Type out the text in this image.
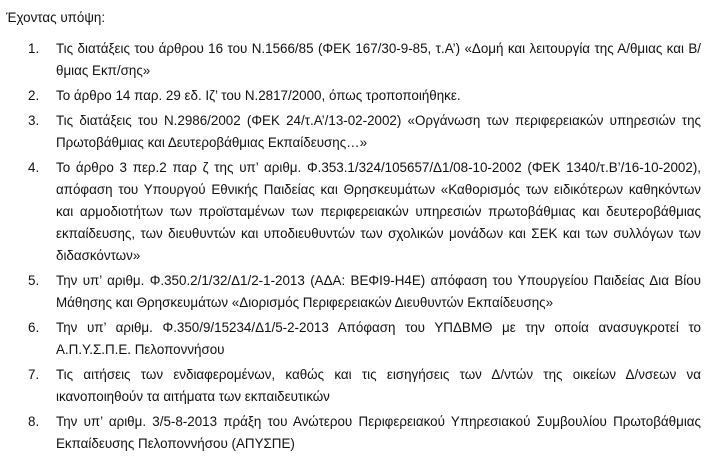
Έχοντας υπόψη:

1. Τις διατάξεις του άρθρου 16 του Ν.1566/85 (ΦΕΚ 167/30-9-85, τ.Α’) «Δομή και λειτουργία της Α/θμιας και Β/θμιας Εκπ/σης»
2. Το άρθρο 14 παρ. 29 εδ. Ιζ’ του Ν.2817/2000, όπως τροποποιήθηκε.
3. Τις διατάξεις του Ν.2986/2002 (ΦΕΚ 24/τ.Α’/13-02-2002) «Οργάνωση των περιφερειακών υπηρεσιών της Πρωτοβάθμιας και Δευτεροβάθμιας Εκπαίδευσης…»
4. Το άρθρο 3 περ.2 παρ ζ της υπ’ αριθμ. Φ.353.1/324/105657/Δ1/08-10-2002 (ΦΕΚ 1340/τ.Β’/16-10-2002), απόφαση του Υπουργού Εθνικής Παιδείας και Θρησκευμάτων «Καθορισμός των ειδικότερων καθηκόντων και αρμοδιοτήτων των προϊσταμένων των περιφερειακών υπηρεσιών πρωτοβάθμιας και δευτεροβάθμιας εκπαίδευσης, των διευθυντών και υποδιευθυντών των σχολικών μονάδων και ΣΕΚ και των συλλόγων των διδασκόντων»
5. Την υπ’ αριθμ. Φ.350.2/1/32/Δ1/2-1-2013 (ΑΔΑ: ΒΕΦΙ9-Η4Ε) απόφαση του Υπουργείου Παιδείας Δια Βίου Μάθησης και Θρησκευμάτων «Διορισμός Περιφερειακών Διευθυντών Εκπαίδευσης»
6. Την υπ’ αριθμ. Φ.350/9/15234/Δ1/5-2-2013 Απόφαση του ΥΠΔΒΜΘ με την οποία ανασυγκροτεί το Α.Π.Υ.Σ.Π.Ε. Πελοποννήσου
7. Τις αιτήσεις των ενδιαφερομένων, καθώς και τις εισηγήσεις των Δ/ντών της οικείων Δ/νσεων να ικανοποιηθούν τα αιτήματα των εκπαιδευτικών
8. Την υπ’ αριθμ. 3/5-8-2013 πράξη του Ανώτερου Περιφερειακού Υπηρεσιακού Συμβουλίου Πρωτοβάθμιας Εκπαίδευσης Πελοποννήσου (ΑΠΥΣΠΕ)
